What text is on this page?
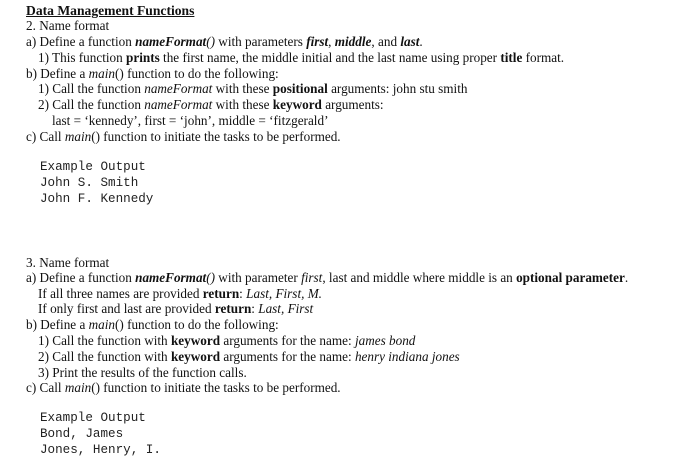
Data Management Functions
2. Name format
a) Define a function nameFormat() with parameters first, middle, and last.
1) This function prints the first name, the middle initial and the last name using proper title format.
b) Define a main() function to do the following:
1) Call the function nameFormat with these positional arguments: john stu smith
2) Call the function nameFormat with these keyword arguments:
last = ‘kennedy’, first = ‘john’, middle = ‘fitzgerald’
c) Call main() function to initiate the tasks to be performed.
Example Output
John S. Smith
John F. Kennedy
3. Name format
a) Define a function nameFormat() with parameter first, last and middle where middle is an optional parameter.
If all three names are provided return: Last, First, M.
If only first and last are provided return: Last, First
b) Define a main() function to do the following:
1) Call the function with keyword arguments for the name: james bond
2) Call the function with keyword arguments for the name: henry indiana jones
3) Print the results of the function calls.
c) Call main() function to initiate the tasks to be performed.
Example Output
Bond, James
Jones, Henry, I.
